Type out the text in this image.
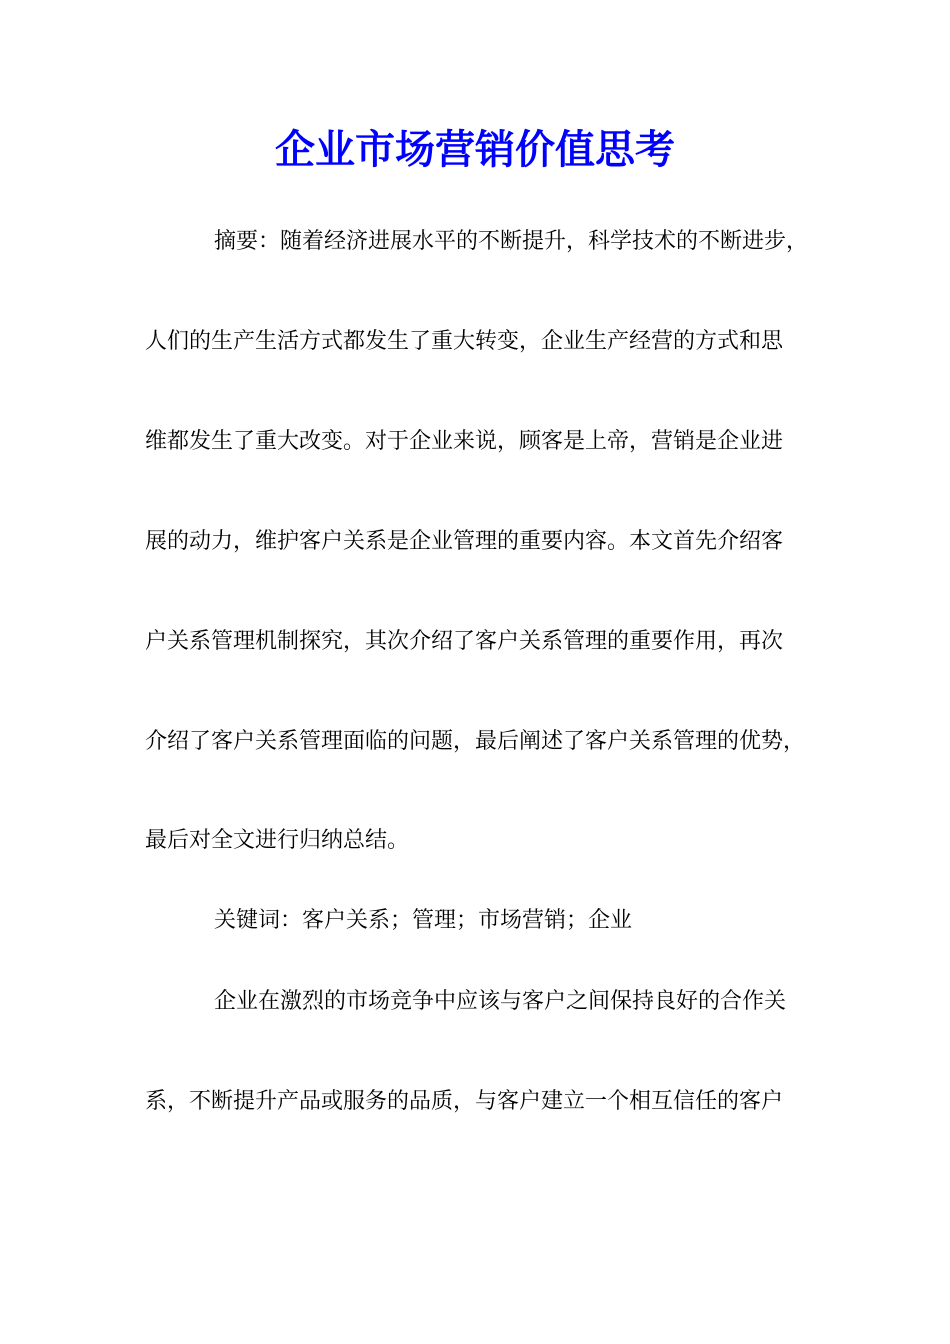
企业市场营销价值思考

摘要：随着经济进展水平的不断提升，科学技术的不断进步，

人们的生产生活方式都发生了重大转变，企业生产经营的方式和思

维都发生了重大改变。对于企业来说，顾客是上帝，营销是企业进

展的动力，维护客户关系是企业管理的重要内容。本文首先介绍客

户关系管理机制探究，其次介绍了客户关系管理的重要作用，再次

介绍了客户关系管理面临的问题，最后阐述了客户关系管理的优势，

最后对全文进行归纳总结。

关键词：客户关系；管理；市场营销；企业

企业在激烈的市场竞争中应该与客户之间保持良好的合作关

系，不断提升产品或服务的品质，与客户建立一个相互信任的客户
